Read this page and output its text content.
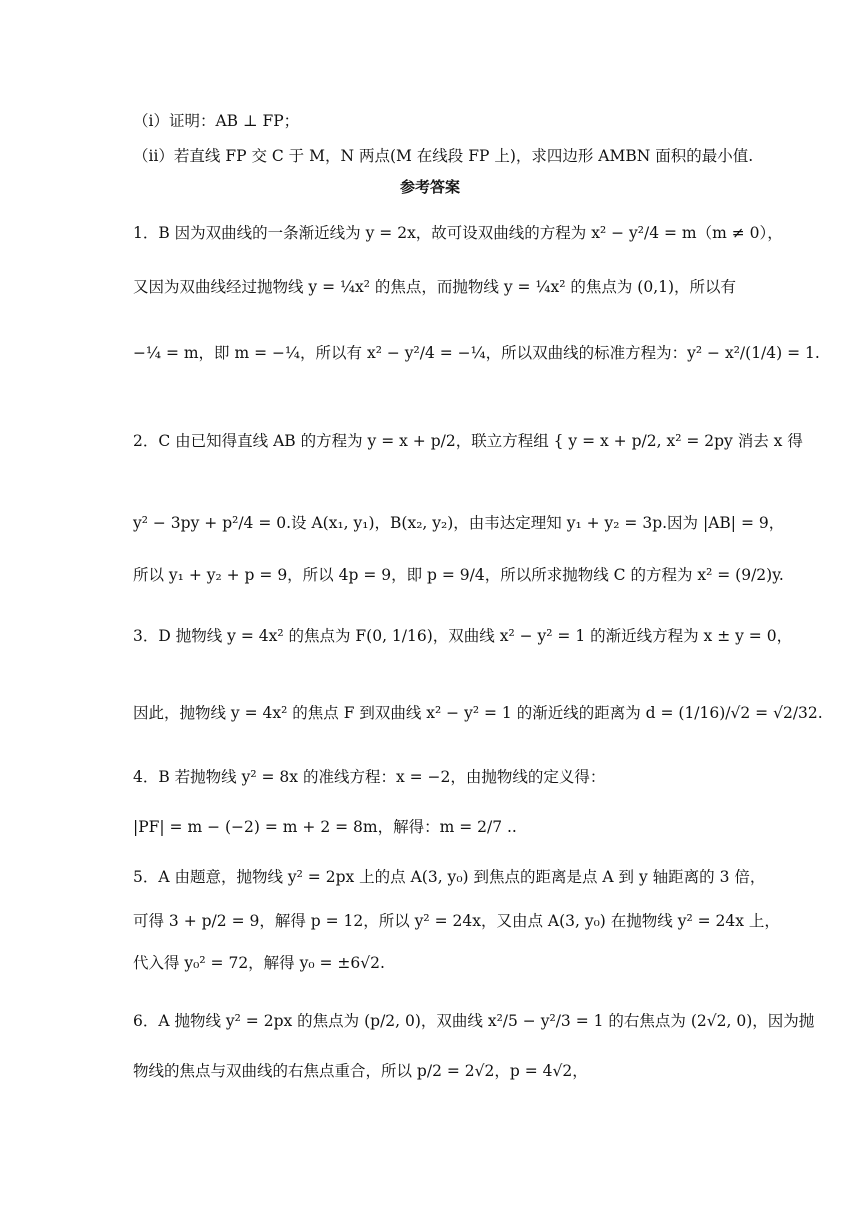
（i）证明：AB ⊥ FP；
（ii）若直线 FP 交 C 于 M，N 两点(M 在线段 FP 上)，求四边形 AMBN 面积的最小值.
参考答案
1．B 因为双曲线的一条渐近线为 y = 2x，故可设双曲线的方程为 x² − y²/4 = m（m ≠ 0），
又因为双曲线经过抛物线 y = ¼x² 的焦点，而抛物线 y = ¼x² 的焦点为 (0,1)，所以有
−¼ = m，即 m = −¼，所以有 x² − y²/4 = −¼，所以双曲线的标准方程为：y² − x²/(1/4) = 1.
2．C 由已知得直线 AB 的方程为 y = x + p/2，联立方程组 { y = x + p/2, x² = 2py 消去 x 得
y² − 3py + p²/4 = 0.设 A(x₁, y₁)，B(x₂, y₂)，由韦达定理知 y₁ + y₂ = 3p.因为 |AB| = 9，
所以 y₁ + y₂ + p = 9，所以 4p = 9，即 p = 9/4，所以所求抛物线 C 的方程为 x² = (9/2)y.
3．D 抛物线 y = 4x² 的焦点为 F(0, 1/16)，双曲线 x² − y² = 1 的渐近线方程为 x ± y = 0，
因此，抛物线 y = 4x² 的焦点 F 到双曲线 x² − y² = 1 的渐近线的距离为 d = (1/16)/√2 = √2/32.
4．B 若抛物线 y² = 8x 的准线方程：x = −2，由抛物线的定义得：
|PF| = m − (−2) = m + 2 = 8m，解得：m = 2/7 ..
5．A 由题意，抛物线 y² = 2px 上的点 A(3, y₀) 到焦点的距离是点 A 到 y 轴距离的 3 倍，
可得 3 + p/2 = 9，解得 p = 12，所以 y² = 24x，又由点 A(3, y₀) 在抛物线 y² = 24x 上，
代入得 y₀² = 72，解得 y₀ = ±6√2.
6．A 抛物线 y² = 2px 的焦点为 (p/2, 0)，双曲线 x²/5 − y²/3 = 1 的右焦点为 (2√2, 0)，因为抛
物线的焦点与双曲线的右焦点重合，所以 p/2 = 2√2，p = 4√2，
